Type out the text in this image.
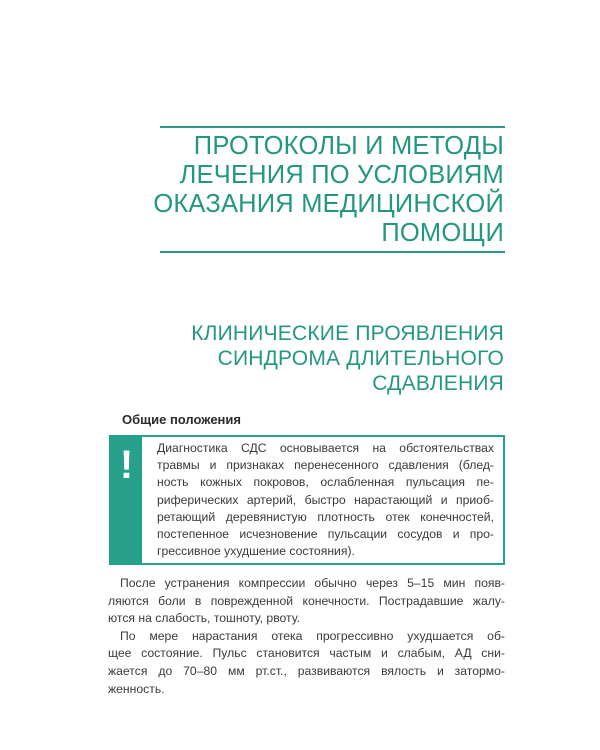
ПРОТОКОЛЫ И МЕТОДЫ
ЛЕЧЕНИЯ ПО УСЛОВИЯМ
ОКАЗАНИЯ МЕДИЦИНСКОЙ
ПОМОЩИ
КЛИНИЧЕСКИЕ ПРОЯВЛЕНИЯ
СИНДРОМА ДЛИТЕЛЬНОГО
СДАВЛЕНИЯ
Общие положения
!	Диагностика СДС основывается на обстоятельствах
травмы и признаках перенесенного сдавления (блед-
ность кожных покровов, ослабленная пульсация пе-
риферических артерий, быстро нарастающий и приоб-
ретающий деревянистую плотность отек конечностей,
постепенное исчезновение пульсации сосудов и про-
грессивное ухудшение состояния).

После устранения компрессии обычно через 5–15 мин появ-
ляются боли в поврежденной конечности. Пострадавшие жалу-
ются на слабость, тошноту, рвоту.

По мере нарастания отека прогрессивно ухудшается об-
щее состояние. Пульс становится частым и слабым, АД сни-
жается до 70–80 мм рт.ст., развиваются вялость и затормо-
женность.
